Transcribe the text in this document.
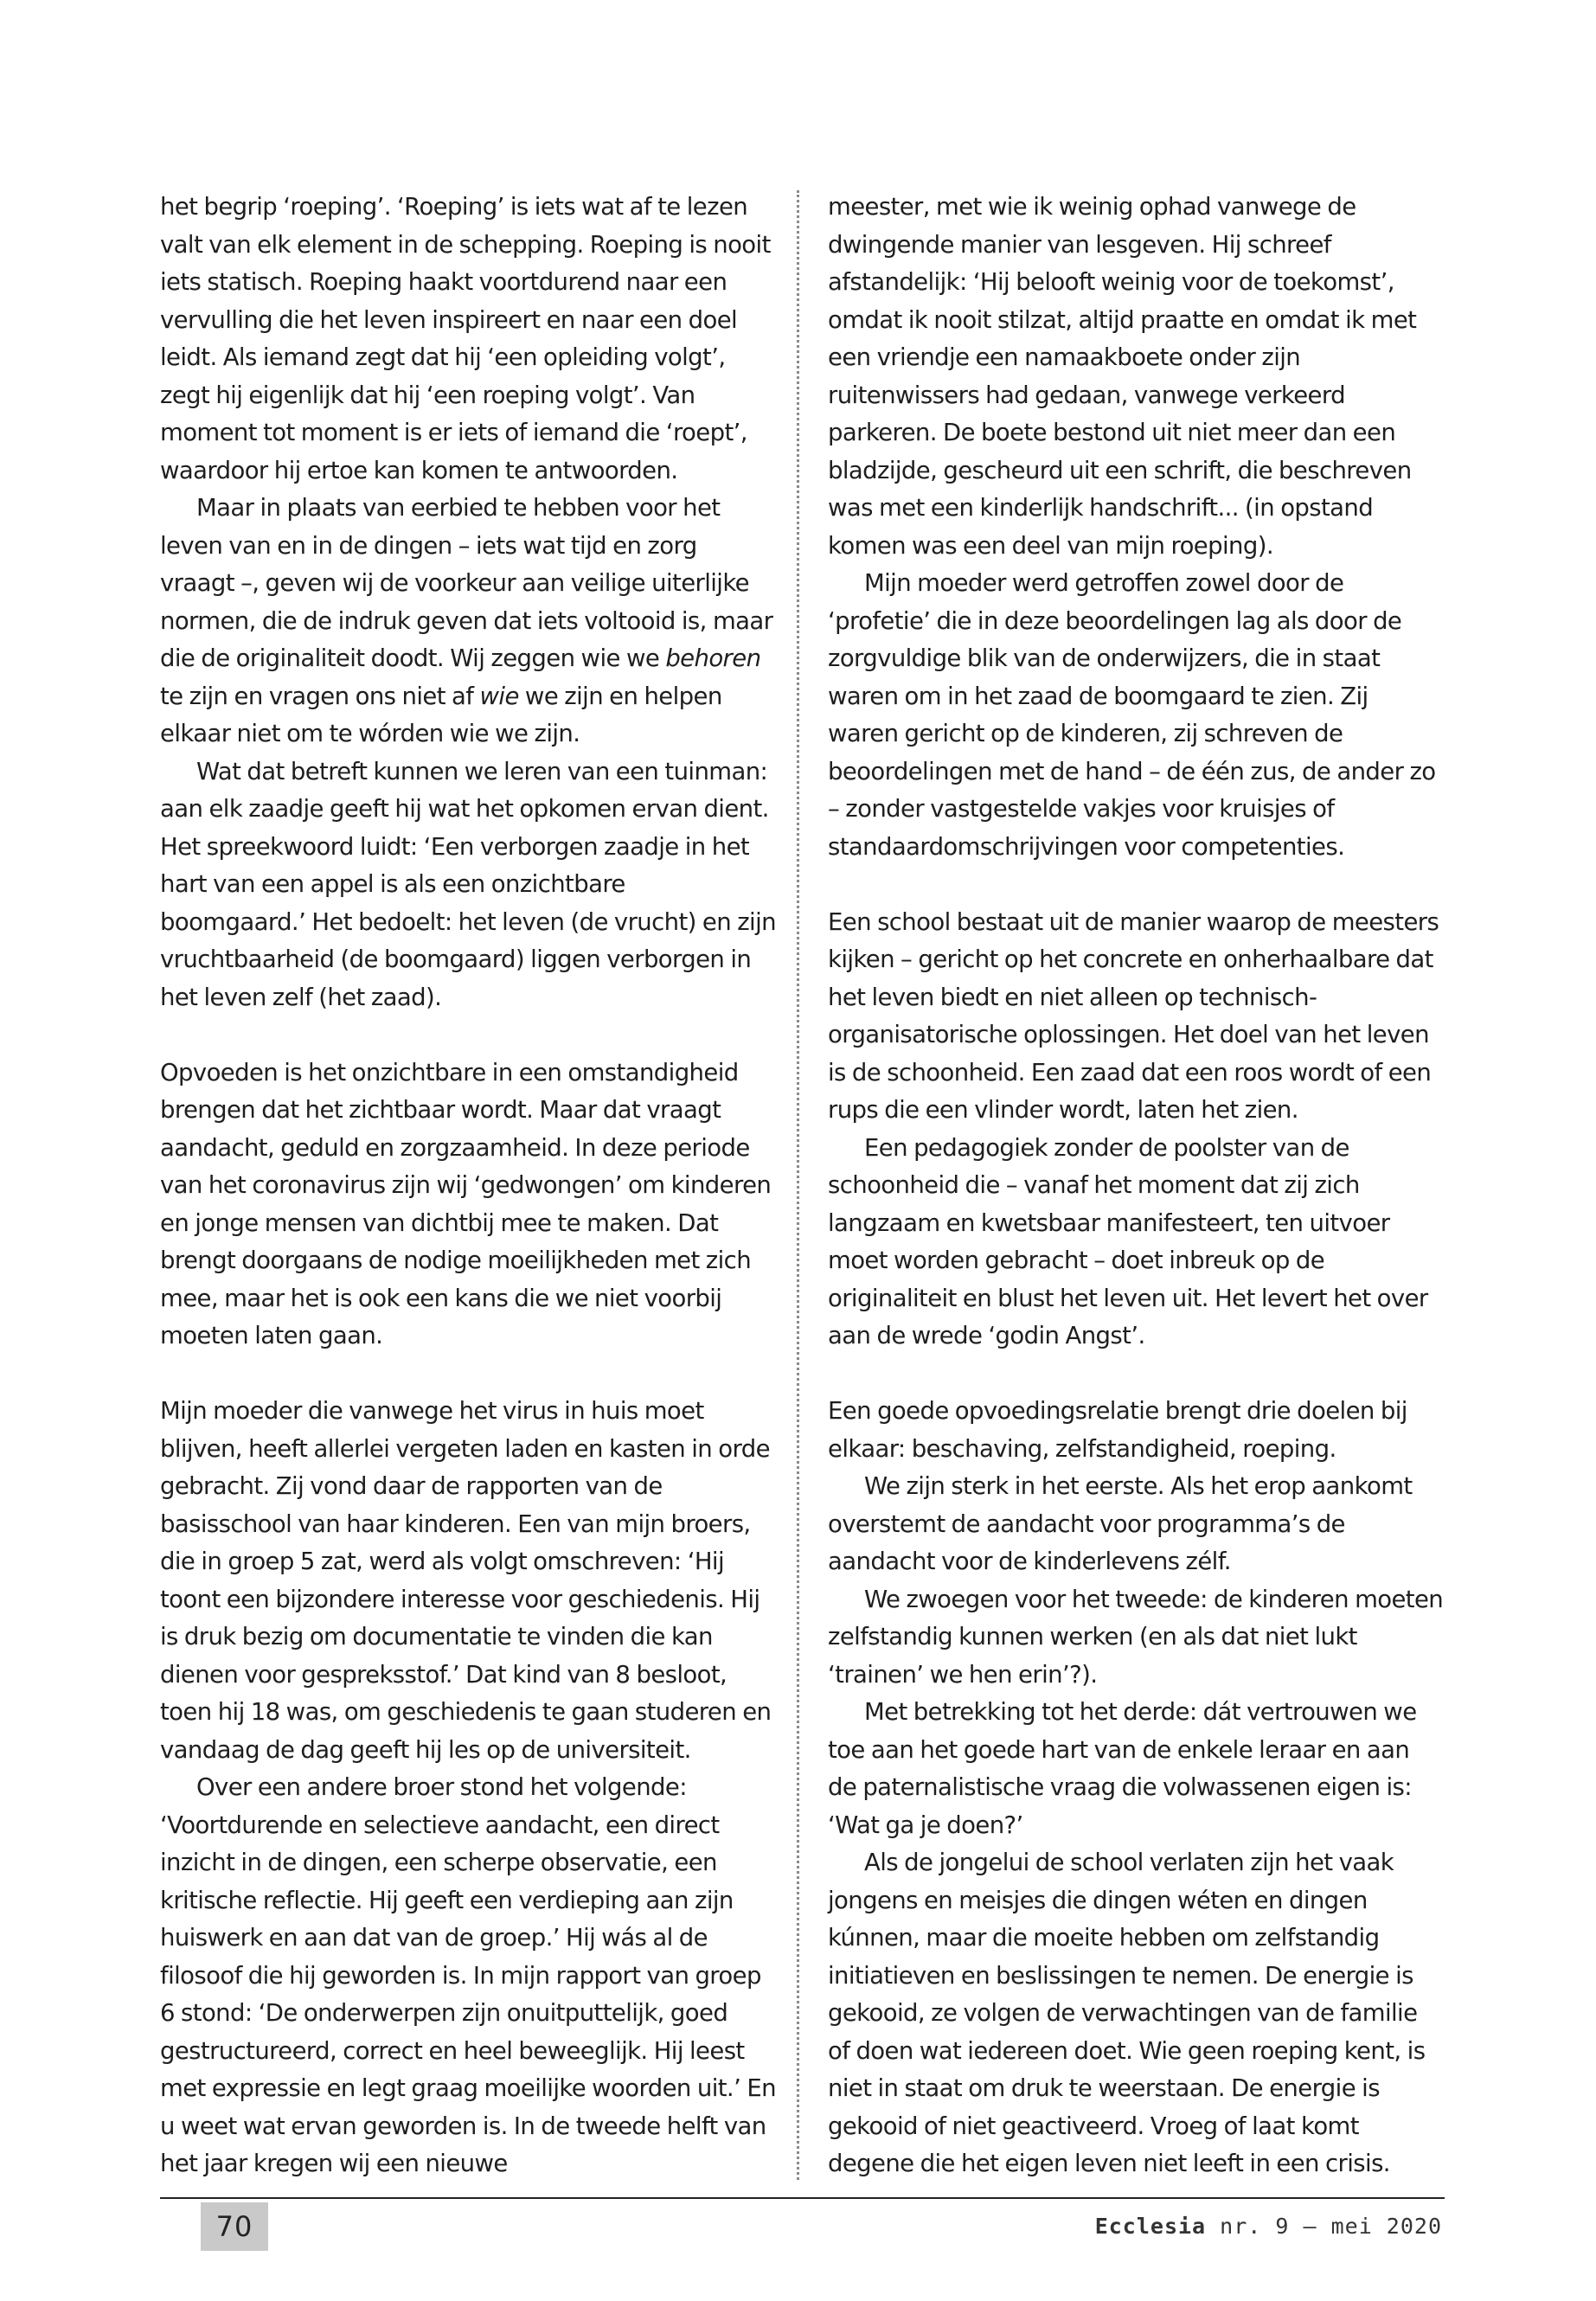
het begrip ‘roeping’. ‘Roeping’ is iets wat af te lezen valt van elk element in de schepping. Roeping is nooit iets statisch. Roeping haakt voortdurend naar een vervulling die het leven inspireert en naar een doel leidt. Als iemand zegt dat hij ‘een opleiding volgt’, zegt hij eigenlijk dat hij ‘een roeping volgt’. Van moment tot moment is er iets of iemand die ‘roept’, waardoor hij ertoe kan komen te antwoorden.

Maar in plaats van eerbied te hebben voor het leven van en in de dingen – iets wat tijd en zorg vraagt –, geven wij de voorkeur aan veilige uiterlijke normen, die de indruk geven dat iets voltooid is, maar die de originaliteit doodt. Wij zeggen wie we behoren te zijn en vragen ons niet af wie we zijn en helpen elkaar niet om te wórden wie we zijn.

Wat dat betreft kunnen we leren van een tuinman: aan elk zaadje geeft hij wat het opkomen ervan dient. Het spreekwoord luidt: ‘Een verborgen zaadje in het hart van een appel is als een onzichtbare boomgaard.’ Het bedoelt: het leven (de vrucht) en zijn vruchtbaarheid (de boomgaard) liggen verborgen in het leven zelf (het zaad).

Opvoeden is het onzichtbare in een omstandigheid brengen dat het zichtbaar wordt. Maar dat vraagt aandacht, geduld en zorgzaamheid. In deze periode van het coronavirus zijn wij ‘gedwongen’ om kinderen en jonge mensen van dichtbij mee te maken. Dat brengt doorgaans de nodige moeilijkheden met zich mee, maar het is ook een kans die we niet voorbij moeten laten gaan.

Mijn moeder die vanwege het virus in huis moet blijven, heeft allerlei vergeten laden en kasten in orde gebracht. Zij vond daar de rapporten van de basisschool van haar kinderen. Een van mijn broers, die in groep 5 zat, werd als volgt omschreven: ‘Hij toont een bijzondere interesse voor geschiedenis. Hij is druk bezig om documentatie te vinden die kan dienen voor gespreksstof.’ Dat kind van 8 besloot, toen hij 18 was, om geschiedenis te gaan studeren en vandaag de dag geeft hij les op de universiteit.

Over een andere broer stond het volgende: ‘Voortdurende en selectieve aandacht, een direct inzicht in de dingen, een scherpe observatie, een kritische reflectie. Hij geeft een verdieping aan zijn huiswerk en aan dat van de groep.’ Hij wás al de filosoof die hij geworden is. In mijn rapport van groep 6 stond: ‘De onderwerpen zijn onuitputtelijk, goed gestructureerd, correct en heel beweeglijk. Hij leest met expressie en legt graag moeilijke woorden uit.’ En u weet wat ervan geworden is. In de tweede helft van het jaar kregen wij een nieuwe

meester, met wie ik weinig ophad vanwege de dwingende manier van lesgeven. Hij schreef afstandelijk: ‘Hij belooft weinig voor de toekomst’, omdat ik nooit stilzat, altijd praatte en omdat ik met een vriendje een namaakboete onder zijn ruitenwissers had gedaan, vanwege verkeerd parkeren. De boete bestond uit niet meer dan een bladzijde, gescheurd uit een schrift, die beschreven was met een kinderlijk handschrift... (in opstand komen was een deel van mijn roeping).

Mijn moeder werd getroffen zowel door de ‘profetie’ die in deze beoordelingen lag als door de zorgvuldige blik van de onderwijzers, die in staat waren om in het zaad de boomgaard te zien. Zij waren gericht op de kinderen, zij schreven de beoordelingen met de hand – de één zus, de ander zo – zonder vastgestelde vakjes voor kruisjes of standaardomschrijvingen voor competenties.

Een school bestaat uit de manier waarop de meesters kijken – gericht op het concrete en onherhaalbare dat het leven biedt en niet alleen op technisch-organisatorische oplossingen. Het doel van het leven is de schoonheid. Een zaad dat een roos wordt of een rups die een vlinder wordt, laten het zien.

Een pedagogiek zonder de poolster van de schoonheid die – vanaf het moment dat zij zich langzaam en kwetsbaar manifesteert, ten uitvoer moet worden gebracht – doet inbreuk op de originaliteit en blust het leven uit. Het levert het over aan de wrede ‘godin Angst’.

Een goede opvoedingsrelatie brengt drie doelen bij elkaar: beschaving, zelfstandigheid, roeping.

We zijn sterk in het eerste. Als het erop aankomt overstemt de aandacht voor programma’s de aandacht voor de kinderlevens zélf.

We zwoegen voor het tweede: de kinderen moeten zelfstandig kunnen werken (en als dat niet lukt ‘trainen’ we hen erin’?).

Met betrekking tot het derde: dát vertrouwen we toe aan het goede hart van de enkele leraar en aan de paternalistische vraag die volwassenen eigen is: ‘Wat ga je doen?’

Als de jongelui de school verlaten zijn het vaak jongens en meisjes die dingen wéten en dingen kúnnen, maar die moeite hebben om zelfstandig initiatieven en beslissingen te nemen. De energie is gekooid, ze volgen de verwachtingen van de familie of doen wat iedereen doet. Wie geen roeping kent, is niet in staat om druk te weerstaan. De energie is gekooid of niet geactiveerd. Vroeg of laat komt degene die het eigen leven niet leeft in een crisis.

70	Ecclesia nr. 9 — mei 2020
